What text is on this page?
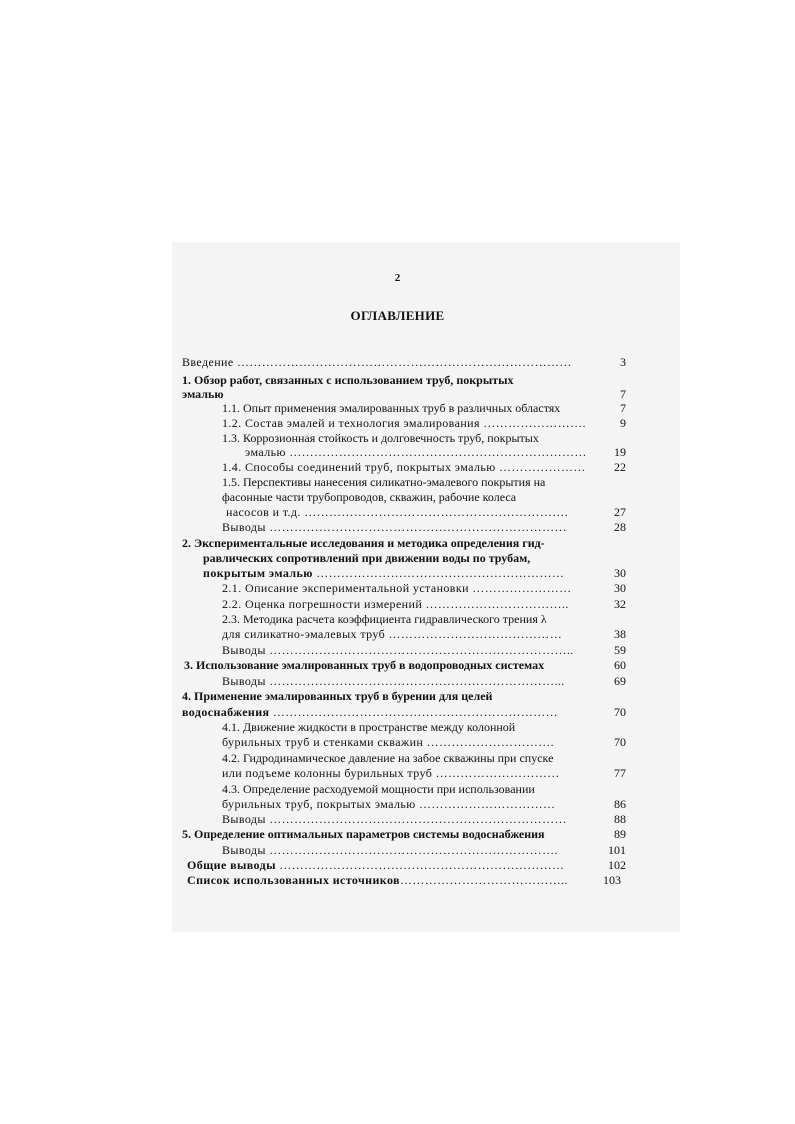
2
ОГЛАВЛЕНИЕ
Введение ………………………………………………………………………	3
1. Обзор работ, связанных с использованием труб, покрытых
эмалью	7
1.1. Опыт применения эмалированных труб в различных областях	7
1.2. Состав эмалей и технология эмалирования …………………….	9
1.3. Коррозионная стойкость и долговечность труб, покрытых
эмалью ………………………………………………………………	19
1.4. Способы соединений труб, покрытых эмалью …………………	22
1.5. Перспективы нанесения силикатно-эмалевого покрытия на
фасонные части трубопроводов, скважин, рабочие колеса
насосов и т.д. ……………………………………………………….	27
Выводы ………………………………………………………………	28
2. Экспериментальные исследования и методика определения гид-
равлических сопротивлений при движении воды по трубам,
покрытым эмалью ……………………………………………………	30
2.1. Описание экспериментальной установки ……………………	30
2.2. Оценка погрешности измерений ……………………………..	32
2.3. Методика расчета коэффициента гидравлического трения λ
для силикатно-эмалевых труб ……………………………………	38
Выводы ………………………………………………………………..	59
3. Использование эмалированных труб в водопроводных системах	60
Выводы ……………………………………………………………...	69
4. Применение эмалированных труб в бурении для целей
водоснабжения ……………………………………………………………	70
4.1. Движение жидкости в пространстве между колонной
бурильных труб и стенками скважин ………………………….	70
4.2. Гидродинамическое давление на забое скважины при спуске
или подъеме колонны бурильных труб …………………………	77
4.3. Определение расходуемой мощности при использовании
бурильных труб, покрытых эмалью ……………………………	86
Выводы ………………………………………………………………	88
5. Определение оптимальных параметров системы водоснабжения	89
Выводы …………………………………………………………….	101
Общие выводы ……………………………………………………………	102
Список использованных источников…………………………………..	103
